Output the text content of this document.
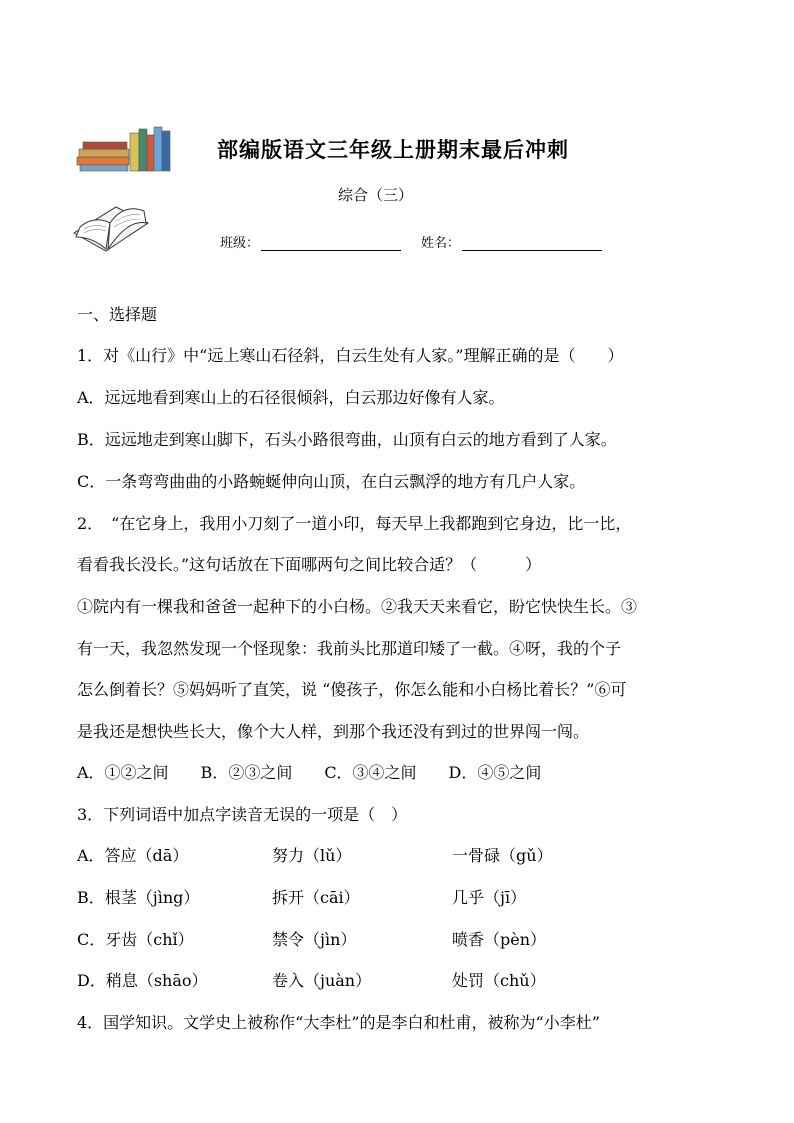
部编版语文三年级上册期末最后冲刺
综合（三）
班级：	姓名：
一、选择题
1．对《山行》中“远上寒山石径斜，白云生处有人家。”理解正确的是（　　）
A．远远地看到寒山上的石径很倾斜，白云那边好像有人家。
B．远远地走到寒山脚下，石头小路很弯曲，山顶有白云的地方看到了人家。
C．一条弯弯曲曲的小路蜿蜒伸向山顶，在白云飘浮的地方有几户人家。
2．　“在它身上，我用小刀刻了一道小印，每天早上我都跑到它身边，比一比，
看看我长没长。”这句话放在下面哪两句之间比较合适？（　　　）
①院内有一棵我和爸爸一起种下的小白杨。②我天天来看它，盼它快快生长。③
有一天，我忽然发现一个怪现象：我前头比那道印矮了一截。④呀，我的个子
怎么倒着长？⑤妈妈听了直笑，说 “傻孩子，你怎么能和小白杨比着长？”⑥可
是我还是想快些长大，像个大人样，到那个我还没有到过的世界闯一闯。
A．①②之间　　B．②③之间　　C．③④之间　　D．④⑤之间
3．下列词语中加点字读音无误的一项是（　）
A．答应（dā）	努力（lǔ）	一骨碌（gǔ）
B．根茎（jìng）	拆开（cāi）	几乎（jī）
C．牙齿（chǐ）	禁令（jìn）	喷香（pèn）
D．稍息（shāo）	卷入（juàn）	处罚（chǔ）
4．国学知识。文学史上被称作“大李杜”的是李白和杜甫，被称为“小李杜”
